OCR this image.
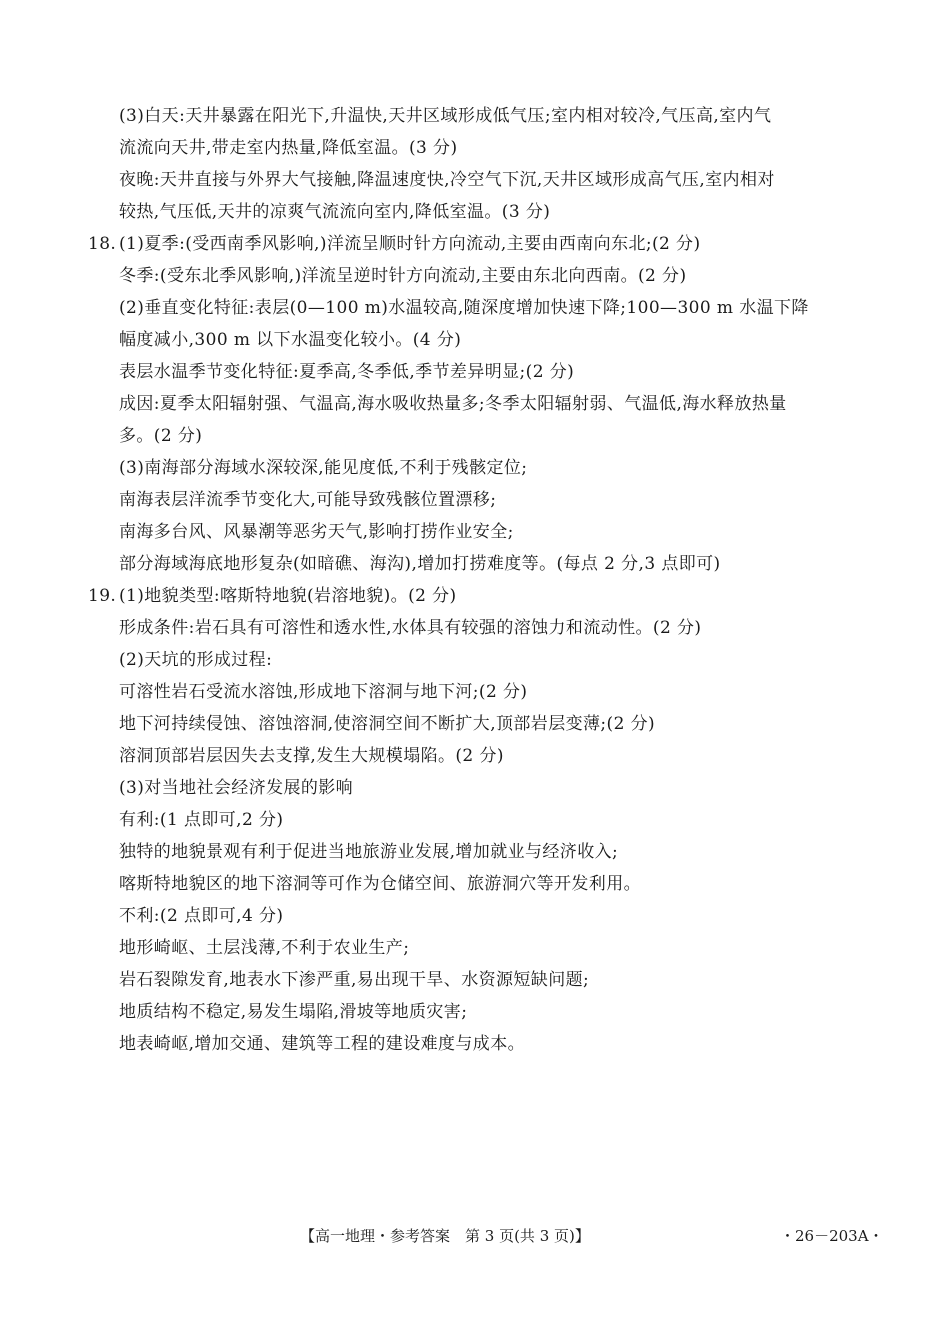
(3)白天:天井暴露在阳光下,升温快,天井区域形成低气压;室内相对较冷,气压高,室内气
流流向天井,带走室内热量,降低室温。(3 分)
夜晚:天井直接与外界大气接触,降温速度快,冷空气下沉,天井区域形成高气压,室内相对
较热,气压低,天井的凉爽气流流向室内,降低室温。(3 分)
18. (1)夏季:(受西南季风影响,)洋流呈顺时针方向流动,主要由西南向东北;(2 分)
冬季:(受东北季风影响,)洋流呈逆时针方向流动,主要由东北向西南。(2 分)
(2)垂直变化特征:表层(0—100 m)水温较高,随深度增加快速下降;100—300 m 水温下降
幅度减小,300 m 以下水温变化较小。(4 分)
表层水温季节变化特征:夏季高,冬季低,季节差异明显;(2 分)
成因:夏季太阳辐射强、气温高,海水吸收热量多;冬季太阳辐射弱、气温低,海水释放热量
多。(2 分)
(3)南海部分海域水深较深,能见度低,不利于残骸定位;
南海表层洋流季节变化大,可能导致残骸位置漂移;
南海多台风、风暴潮等恶劣天气,影响打捞作业安全;
部分海域海底地形复杂(如暗礁、海沟),增加打捞难度等。(每点 2 分,3 点即可)
19. (1)地貌类型:喀斯特地貌(岩溶地貌)。(2 分)
形成条件:岩石具有可溶性和透水性,水体具有较强的溶蚀力和流动性。(2 分)
(2)天坑的形成过程:
可溶性岩石受流水溶蚀,形成地下溶洞与地下河;(2 分)
地下河持续侵蚀、溶蚀溶洞,使溶洞空间不断扩大,顶部岩层变薄;(2 分)
溶洞顶部岩层因失去支撑,发生大规模塌陷。(2 分)
(3)对当地社会经济发展的影响
有利:(1 点即可,2 分)
独特的地貌景观有利于促进当地旅游业发展,增加就业与经济收入;
喀斯特地貌区的地下溶洞等可作为仓储空间、旅游洞穴等开发利用。
不利:(2 点即可,4 分)
地形崎岖、土层浅薄,不利于农业生产;
岩石裂隙发育,地表水下渗严重,易出现干旱、水资源短缺问题;
地质结构不稳定,易发生塌陷,滑坡等地质灾害;
地表崎岖,增加交通、建筑等工程的建设难度与成本。
【高一地理・参考答案　第 3 页(共 3 页)】	・26－203A・
